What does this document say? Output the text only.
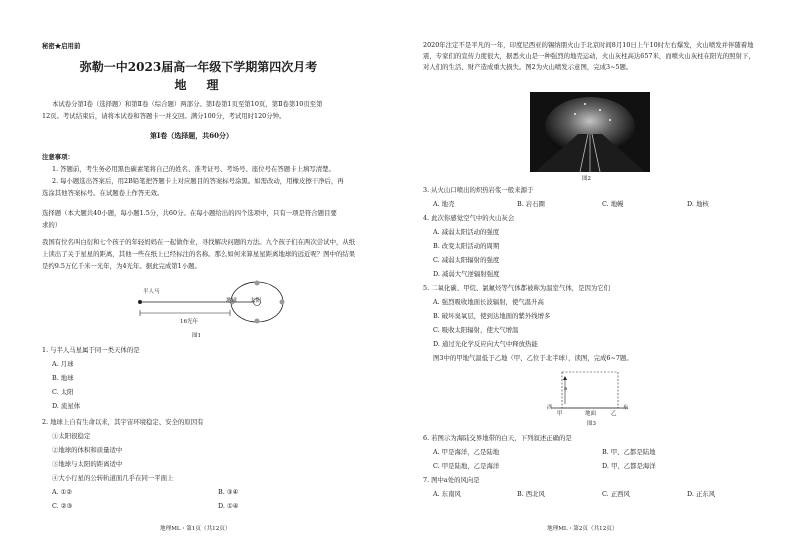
秘密★启用前
弥勒一中2023届高一年级下学期第四次月考
地　理
本试卷分第Ⅰ卷（选择题）和第Ⅱ卷（综合题）两部分。第Ⅰ卷第1页至第10页，第Ⅱ卷第10页至第
12页。考试结束后，请将本试卷和答题卡一并交回。满分100分，考试用时120分钟。
第Ⅰ卷（选择题，共60分）
注意事项：
1. 答题前，考生务必用黑色碳素笔将自己的姓名、准考证号、考场号、座位号在答题卡上填写清楚。
2. 每小题选出答案后，用2B铅笔把答题卡上对应题目的答案标号涂黑。如需改动，用橡皮擦干净后，再
选涂其他答案标号。在试题卷上作答无效。
选择题（本大题共40小题，每小题1.5分，共60分。在每小题给出的四个选项中，只有一项是符合题目要
求的）
我国有位名叫白衍和七个孩子的年轻妈妈在一起做作业，寻找解决问题的方法。九个孩子们在两次尝试中，从纸上读出了关于星星的距离，其他一些在纸上已经标注的名称。那么如何来算星星距离地球的远近呢？图中的结果是约9.5万亿千米一光年，为4光年。据此完成第1小题。
半人马
地球 太阳
16光年
图1
1. 与半人马星属于同一类天体的是
A. 月球
B. 地球
C. 太阳
D. 流星体
2. 地球上自有生命以来，其宇宙环境稳定、安全的原因有
①太阳很稳定
②地球的体积和质量适中
③地球与太阳的距离适中
④大小行星的公转轨道面几乎在同一平面上
A. ①②	B. ③④
C. ②③	D. ①④
地理ML・第1页（共12页）
2020年注定不是平凡的一年，印度尼西亚的锡纳朋火山于北京时间8月10日上午10时左右爆发，火山喷发并伴随着地震，专家们的宣传力度很大，据悉火山是一种强烈的地壳运动，火山灰柱高达657米，而喷火山灰柱在阳光的照射下，对人们的生活、财产造成重大损失。图2为火山喷发示意图，完成3~5题。
图2
3. 从火山口喷出的炽热岩浆一般来源于
A. 地壳	B. 岩石圈	C. 地幔	D. 地核
4. 此次你感觉空气中的火山灰会
A. 减弱太阳活动的强度
B. 改变太阳活动的周期
C. 减弱太阳辐射的强度
D. 减弱大气逆辐射强度
5. 二氧化碳、甲烷、氯氟烃等气体都被称为温室气体，是因为它们
A. 强烈吸收地面长波辐射，使气温升高
B. 破坏臭氧层，使到达地面的紫外线增多
C. 吸收太阳辐射，使大气增温
D. 通过光化学反应向大气中释放热能
图3中的甲地气温低于乙地（甲、乙位于北半球），读图，完成6~7题。
a
西
甲	地面	乙
东
图3
6. 若图示为海陆交界地带的白天，下列叙述正确的是
A. 甲是海洋，乙是陆地	B. 甲、乙都是陆地
C. 甲是陆地，乙是海洋	D. 甲、乙都是海洋
7. 图中a处的风向是
A. 东南风	B. 西北风	C. 正西风	D. 正东风
地理ML・第2页（共12页）
